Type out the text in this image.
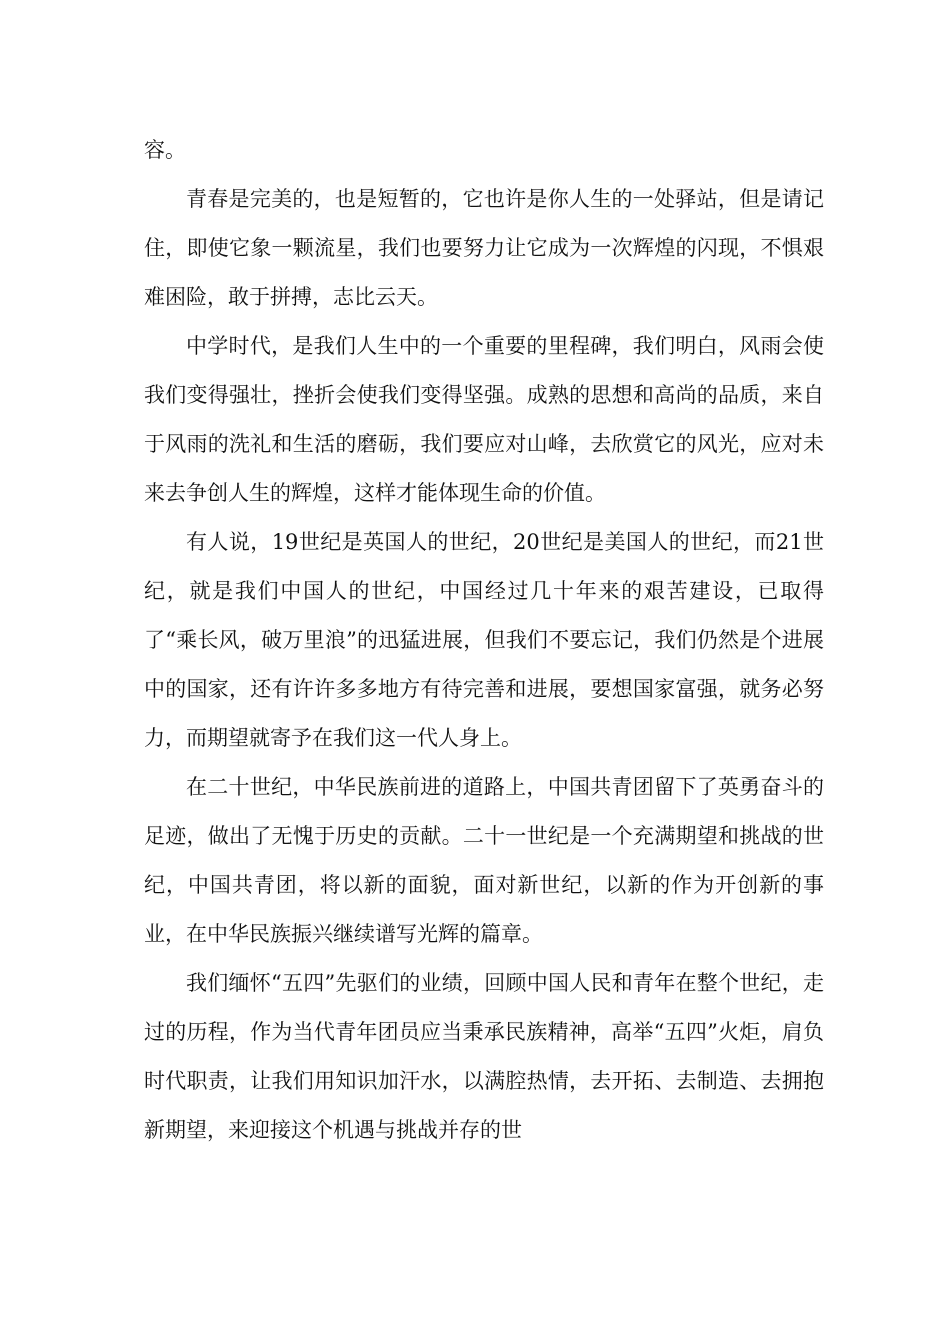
容。

青春是完美的，也是短暂的，它也许是你人生的一处驿站，但是请记住，即使它象一颗流星，我们也要努力让它成为一次辉煌的闪现，不惧艰难困险，敢于拼搏，志比云天。

中学时代，是我们人生中的一个重要的里程碑，我们明白，风雨会使我们变得强壮，挫折会使我们变得坚强。成熟的思想和高尚的品质，来自于风雨的洗礼和生活的磨砺，我们要应对山峰，去欣赏它的风光，应对未来去争创人生的辉煌，这样才能体现生命的价值。

有人说，19世纪是英国人的世纪，20世纪是美国人的世纪，而21世纪，就是我们中国人的世纪，中国经过几十年来的艰苦建设，已取得了“乘长风，破万里浪”的迅猛进展，但我们不要忘记，我们仍然是个进展中的国家，还有许许多多地方有待完善和进展，要想国家富强，就务必努力，而期望就寄予在我们这一代人身上。

在二十世纪，中华民族前进的道路上，中国共青团留下了英勇奋斗的足迹，做出了无愧于历史的贡献。二十一世纪是一个充满期望和挑战的世纪，中国共青团，将以新的面貌，面对新世纪，以新的作为开创新的事业，在中华民族振兴继续谱写光辉的篇章。

我们缅怀“五四”先驱们的业绩，回顾中国人民和青年在整个世纪，走过的历程，作为当代青年团员应当秉承民族精神，高举“五四”火炬，肩负时代职责，让我们用知识加汗水，以满腔热情，去开拓、去制造、去拥抱新期望，来迎接这个机遇与挑战并存的世
